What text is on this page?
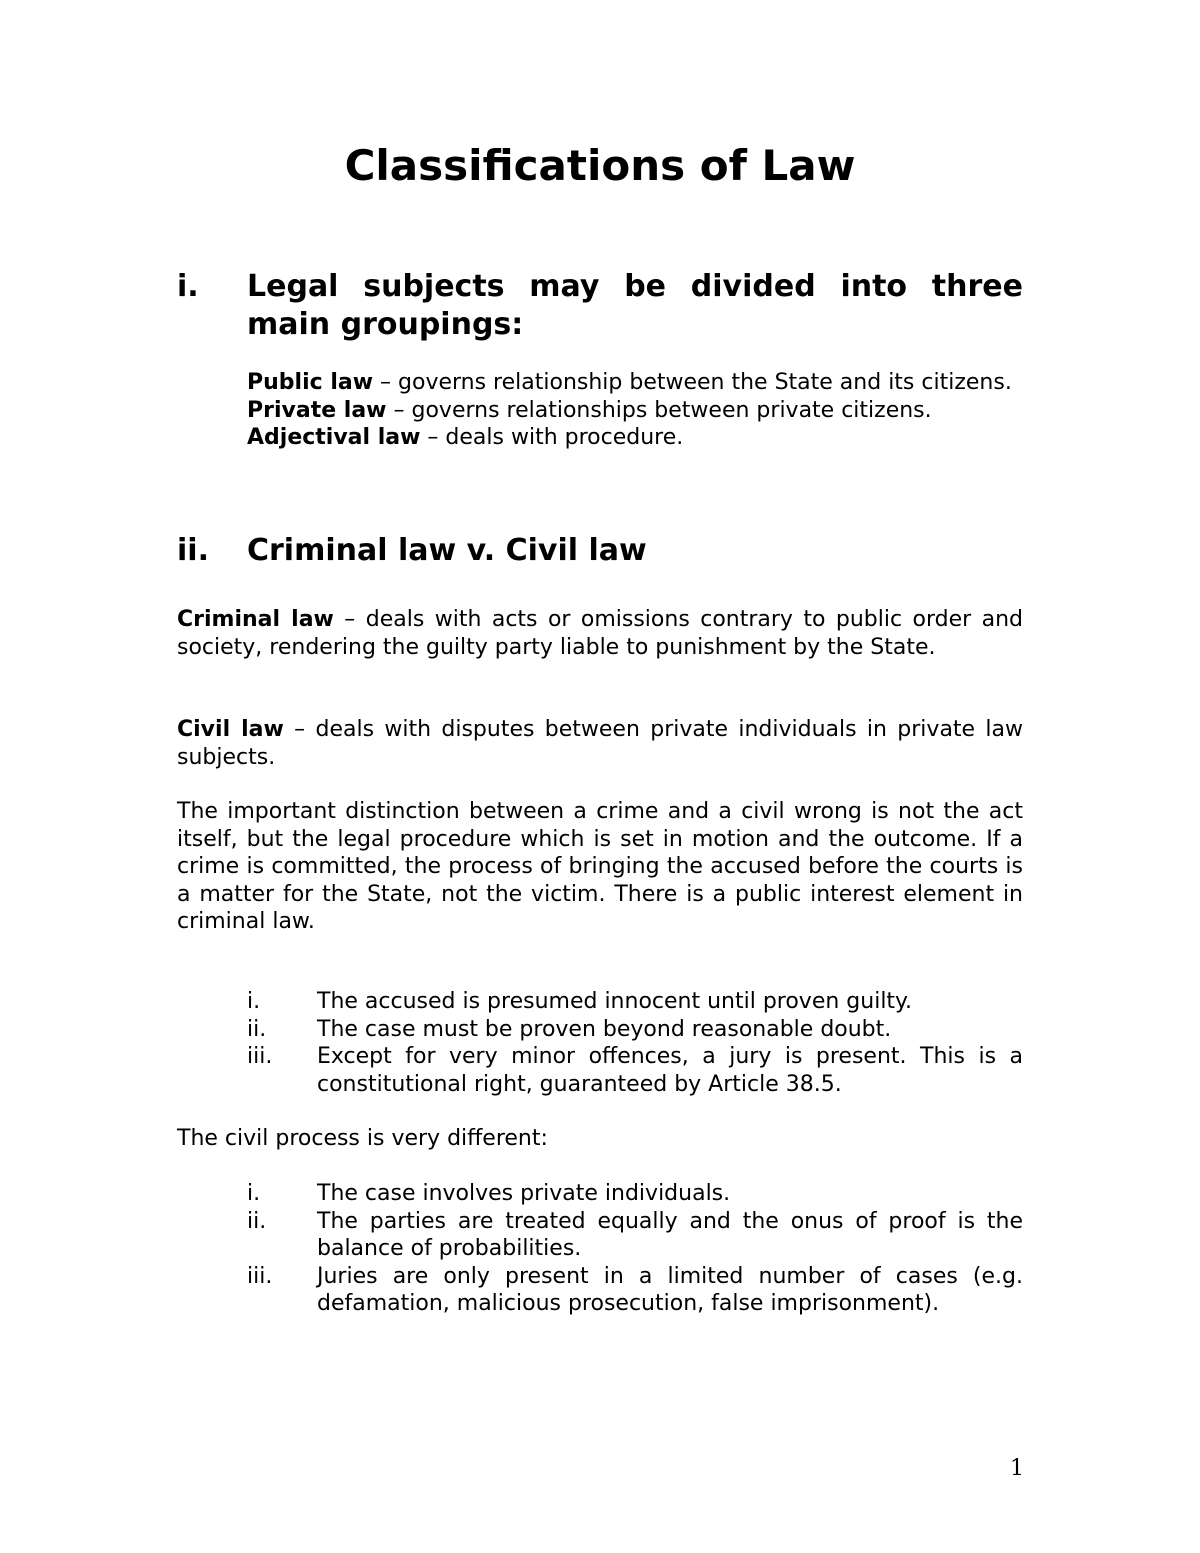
Classifications of Law
i. Legal subjects may be divided into three main groupings:

Public law – governs relationship between the State and its citizens.

Private law – governs relationships between private citizens.

Adjectival law – deals with procedure.

ii. Criminal law v. Civil law

Criminal law – deals with acts or omissions contrary to public order and society, rendering the guilty party liable to punishment by the State.

Civil law – deals with disputes between private individuals in private law subjects.

The important distinction between a crime and a civil wrong is not the act itself, but the legal procedure which is set in motion and the outcome. If a crime is committed, the process of bringing the accused before the courts is a matter for the State, not the victim. There is a public interest element in criminal law.

i.	The accused is presumed innocent until proven guilty.
ii. The case must be proven beyond reasonable doubt.
iii. Except for very minor offences, a jury is present. This is a constitutional right, guaranteed by Article 38.5.

The civil process is very different:

i.	The case involves private individuals.
ii. The parties are treated equally and the onus of proof is the balance of probabilities.
iii. Juries are only present in a limited number of cases (e.g. defamation, malicious prosecution, false imprisonment).
1
